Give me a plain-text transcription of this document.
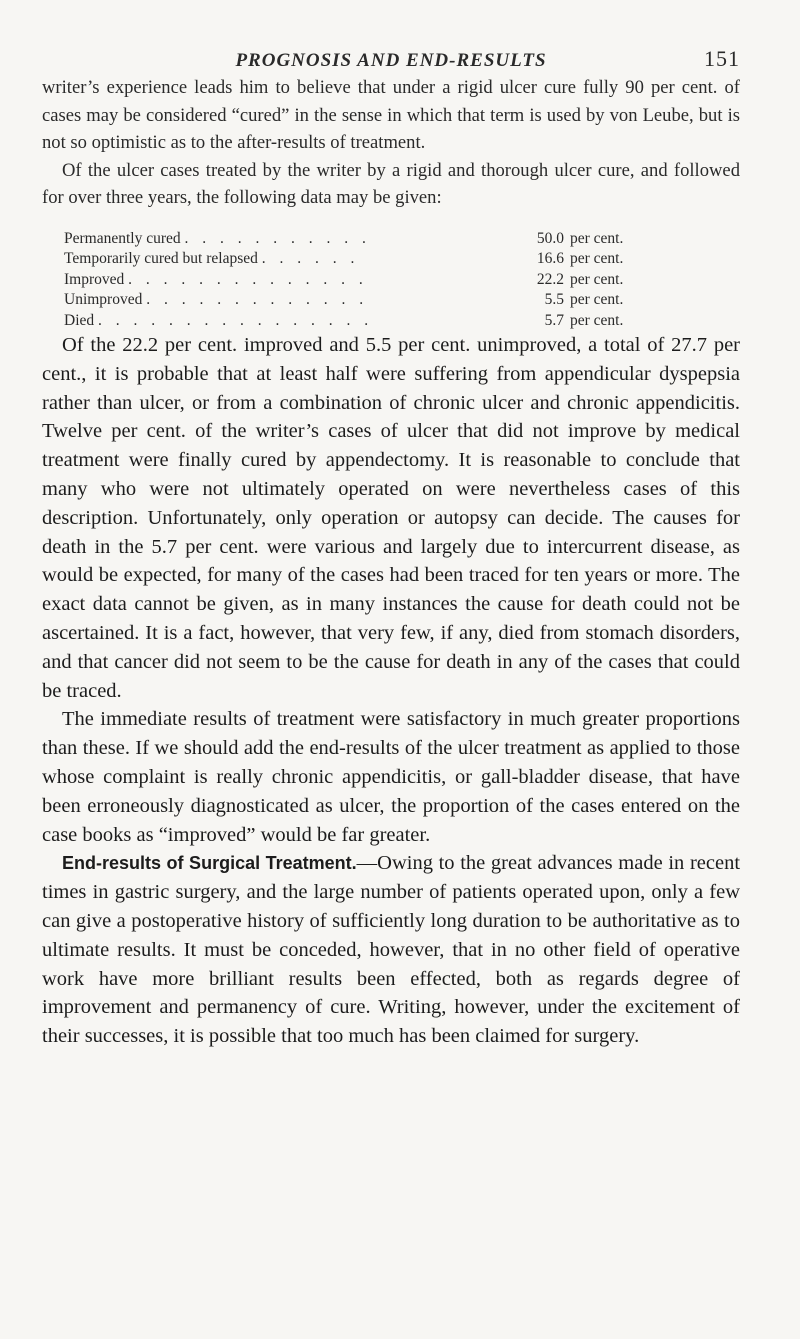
PROGNOSIS AND END-RESULTS	151

writer’s experience leads him to believe that under a rigid ulcer cure fully 90 per cent. of cases may be considered “cured” in the sense in which that term is used by von Leube, but is not so optimistic as to the after-results of treatment.

Of the ulcer cases treated by the writer by a rigid and thorough ulcer cure, and followed for over three years, the following data may be given:

Permanently cured . . . . . . . . . . .	50.0	per cent.
Temporarily cured but relapsed . . . . . .	16.6	per cent.
Improved . . . . . . . . . . . . . .	22.2	per cent.
Unimproved . . . . . . . . . . . . .	5.5	per cent.
Died . . . . . . . . . . . . . . . .	5.7	per cent.

Of the 22.2 per cent. improved and 5.5 per cent. unimproved, a total of 27.7 per cent., it is probable that at least half were suffering from appendicular dyspepsia rather than ulcer, or from a combination of chronic ulcer and chronic appendicitis. Twelve per cent. of the writer’s cases of ulcer that did not improve by medical treatment were finally cured by appendectomy. It is reasonable to conclude that many who were not ultimately operated on were nevertheless cases of this description. Unfortunately, only operation or autopsy can decide. The causes for death in the 5.7 per cent. were various and largely due to intercurrent disease, as would be expected, for many of the cases had been traced for ten years or more. The exact data cannot be given, as in many instances the cause for death could not be ascertained. It is a fact, however, that very few, if any, died from stomach disorders, and that cancer did not seem to be the cause for death in any of the cases that could be traced.

The immediate results of treatment were satisfactory in much greater proportions than these. If we should add the end-results of the ulcer treatment as applied to those whose complaint is really chronic appendicitis, or gall-bladder disease, that have been erroneously diagnosticated as ulcer, the proportion of the cases entered on the case books as “improved” would be far greater.

End-results of Surgical Treatment.—Owing to the great advances made in recent times in gastric surgery, and the large number of patients operated upon, only a few can give a postoperative history of sufficiently long duration to be authoritative as to ultimate results. It must be conceded, however, that in no other field of operative work have more brilliant results been effected, both as regards degree of improvement and permanency of cure. Writing, however, under the excitement of their successes, it is possible that too much has been claimed for surgery.
